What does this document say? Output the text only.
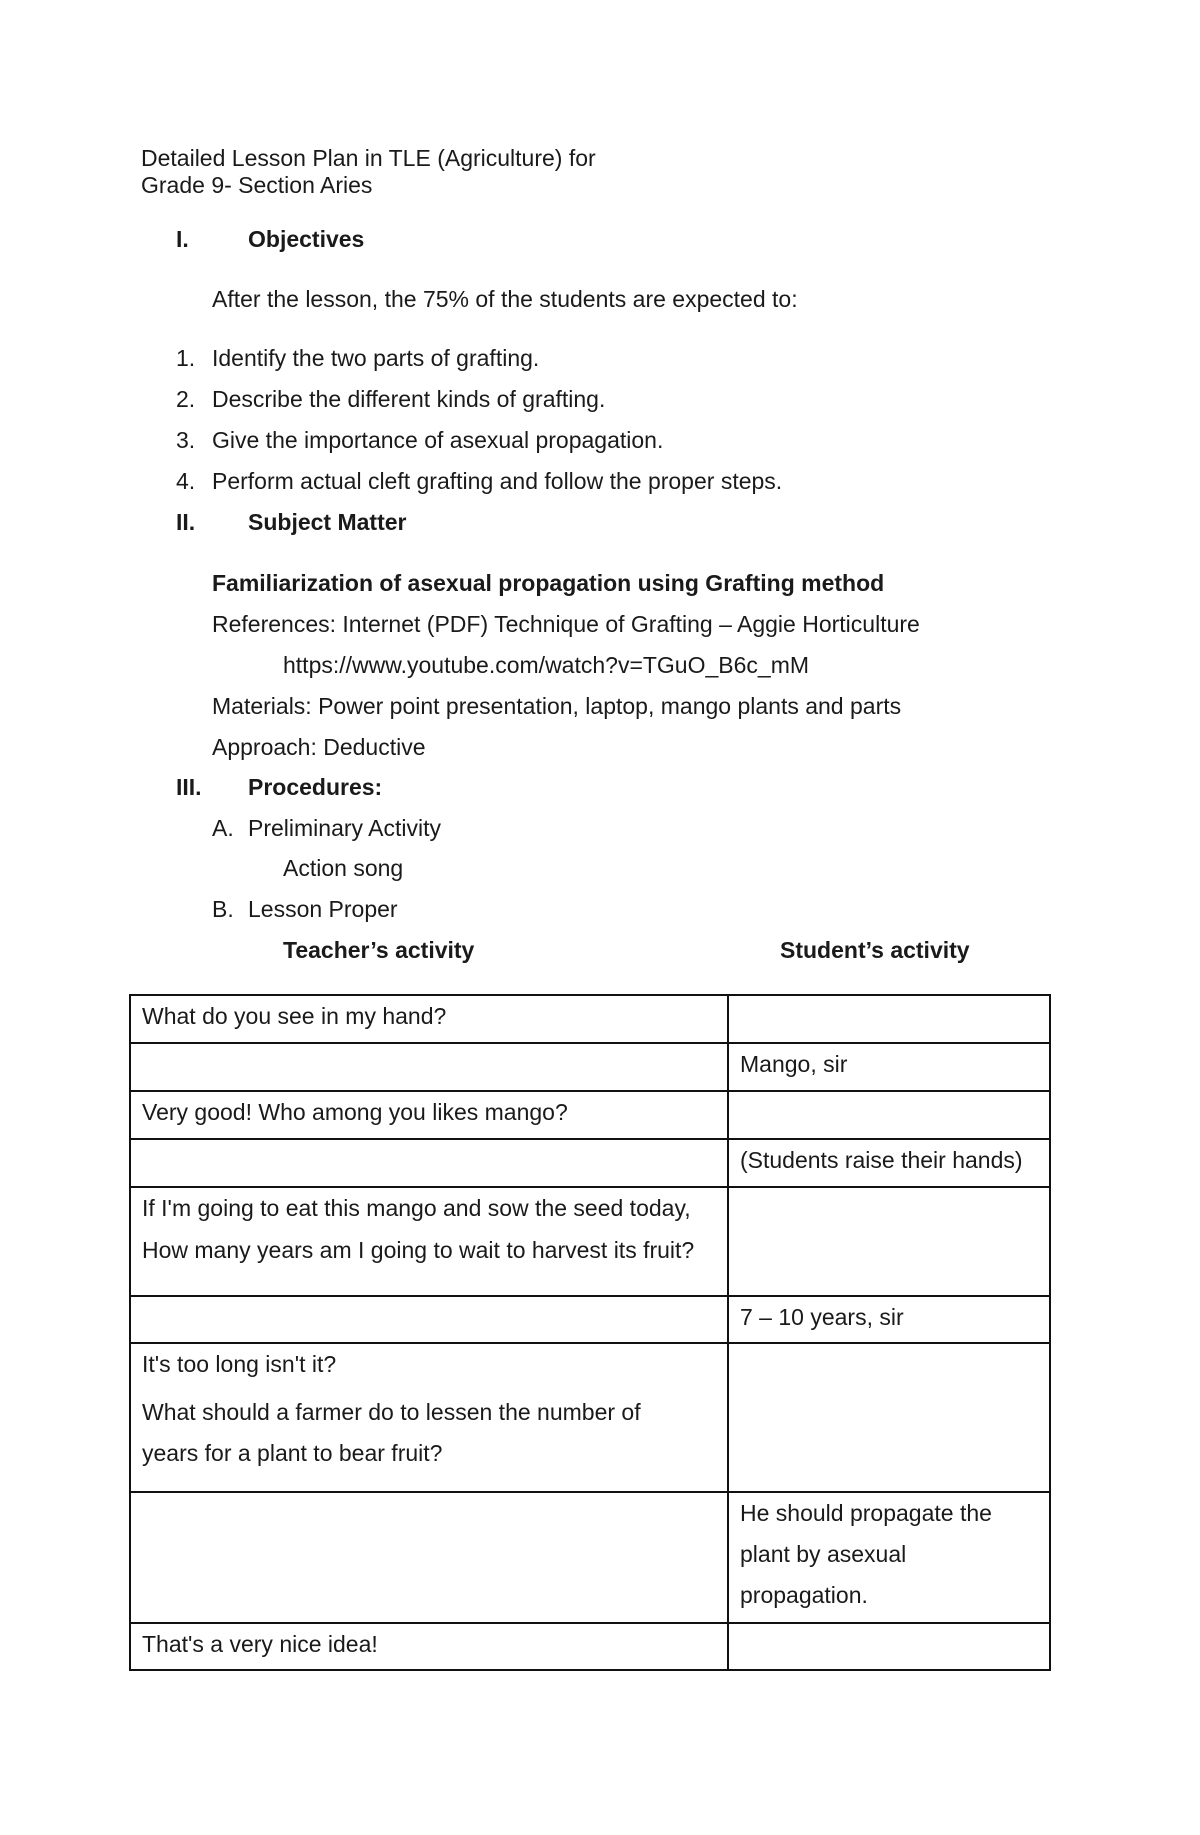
Detailed Lesson Plan in TLE (Agriculture) for
Grade 9- Section Aries
I.	Objectives
After the lesson, the 75% of the students are expected to:
1. Identify the two parts of grafting.
2. Describe the different kinds of grafting.
3. Give the importance of asexual propagation.
4. Perform actual cleft grafting and follow the proper steps.
II. Subject Matter
Familiarization of asexual propagation using Grafting method
References: Internet (PDF) Technique of Grafting – Aggie Horticulture
https://www.youtube.com/watch?v=TGuO_B6c_mM
Materials: Power point presentation, laptop, mango plants and parts
Approach: Deductive
III. Procedures:
A. Preliminary Activity
Action song
B. Lesson Proper
Teacher’s activity	Student’s activity

What do you see in my hand?	

	Mango, sir

Very good! Who among you likes mango?	

	(Students raise their hands)

If I'm going to eat this mango and sow the seed today,

How many years am I going to wait to harvest its fruit?	

	7 – 10 years, sir

It's too long isn't it?

What should a farmer do to lessen the number of years for a plant to bear fruit?	

	He should propagate the plant by asexual propagation.

That's a very nice idea!	
